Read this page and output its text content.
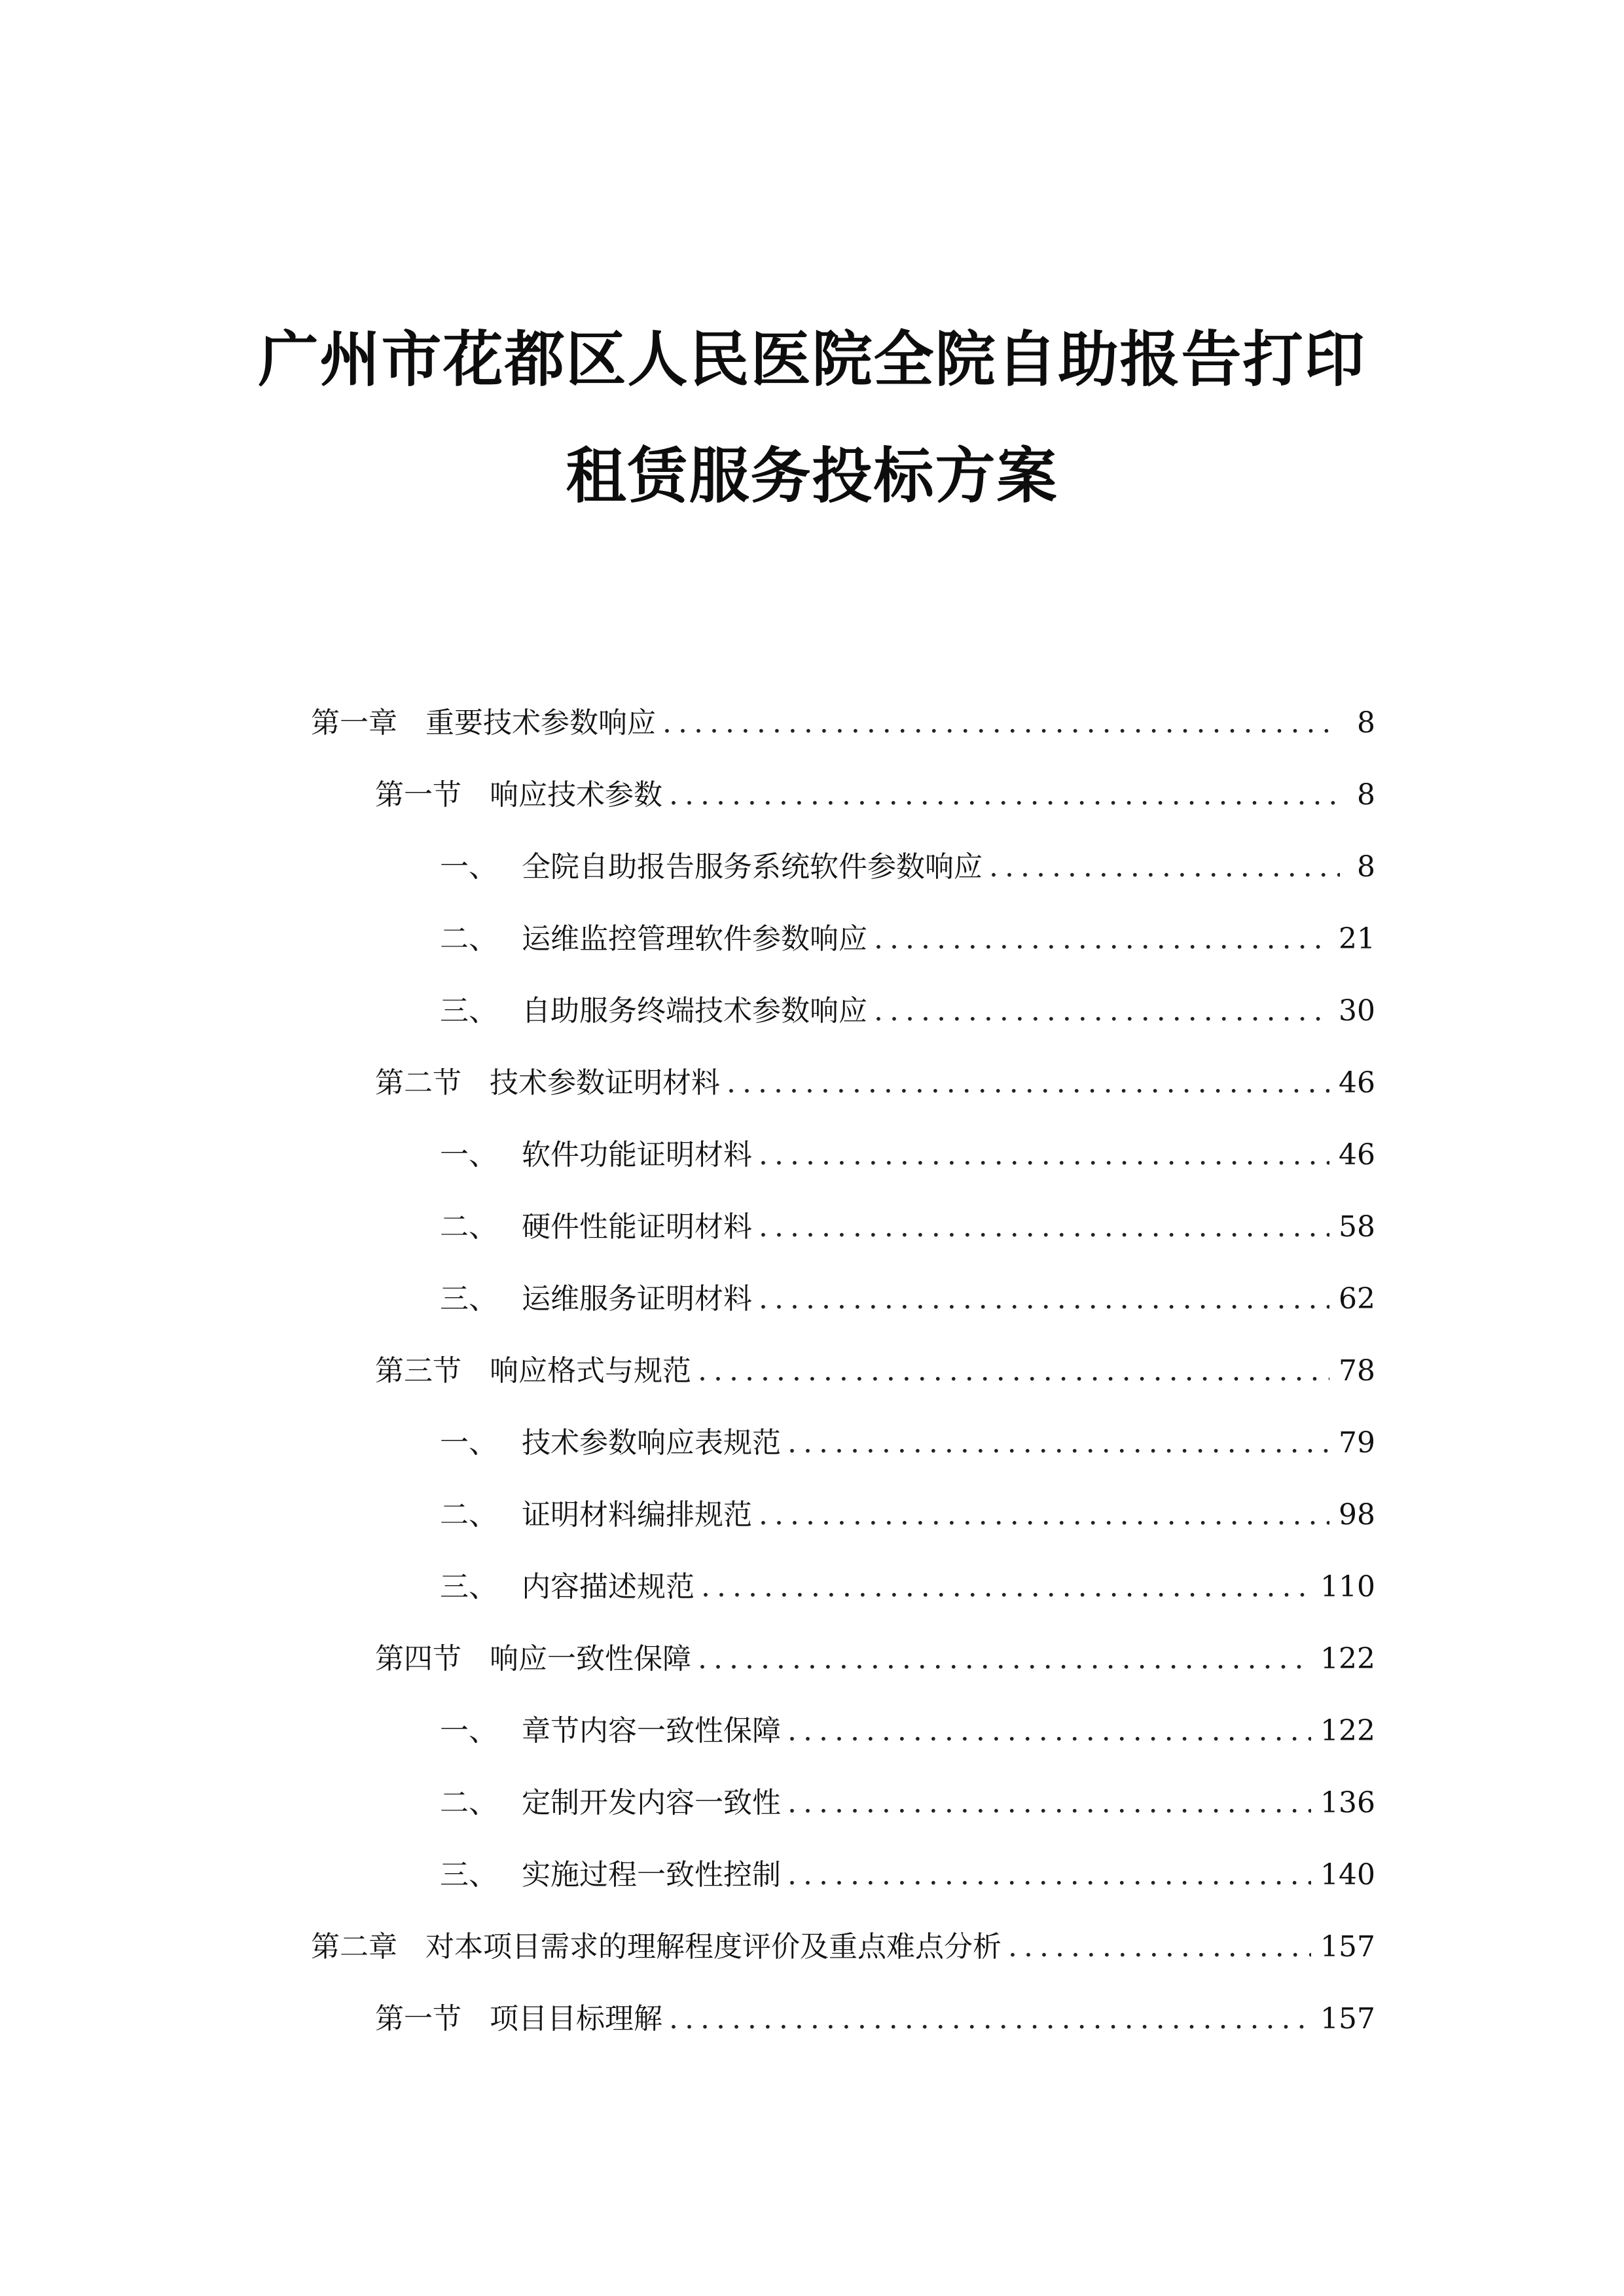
广州市花都区人民医院全院自助报告打印
租赁服务投标方案
第一章 重要技术参数响应 .....	8
第一节 响应技术参数 .....	8
一、 全院自助报告服务系统软件参数响应 .....	8
二、 运维监控管理软件参数响应 .....	21
三、 自助服务终端技术参数响应 .....	30
第二节 技术参数证明材料 .....	46
一、 软件功能证明材料 .....	46
二、 硬件性能证明材料 .....	58
三、 运维服务证明材料 .....	62
第三节 响应格式与规范 .....	78
一、 技术参数响应表规范 .....	79
二、 证明材料编排规范 .....	98
三、 内容描述规范 .....	110
第四节 响应一致性保障 .....	122
一、 章节内容一致性保障 .....	122
二、 定制开发内容一致性 .....	136
三、 实施过程一致性控制 .....	140
第二章 对本项目需求的理解程度评价及重点难点分析 .....	157
第一节 项目目标理解 .....	157
